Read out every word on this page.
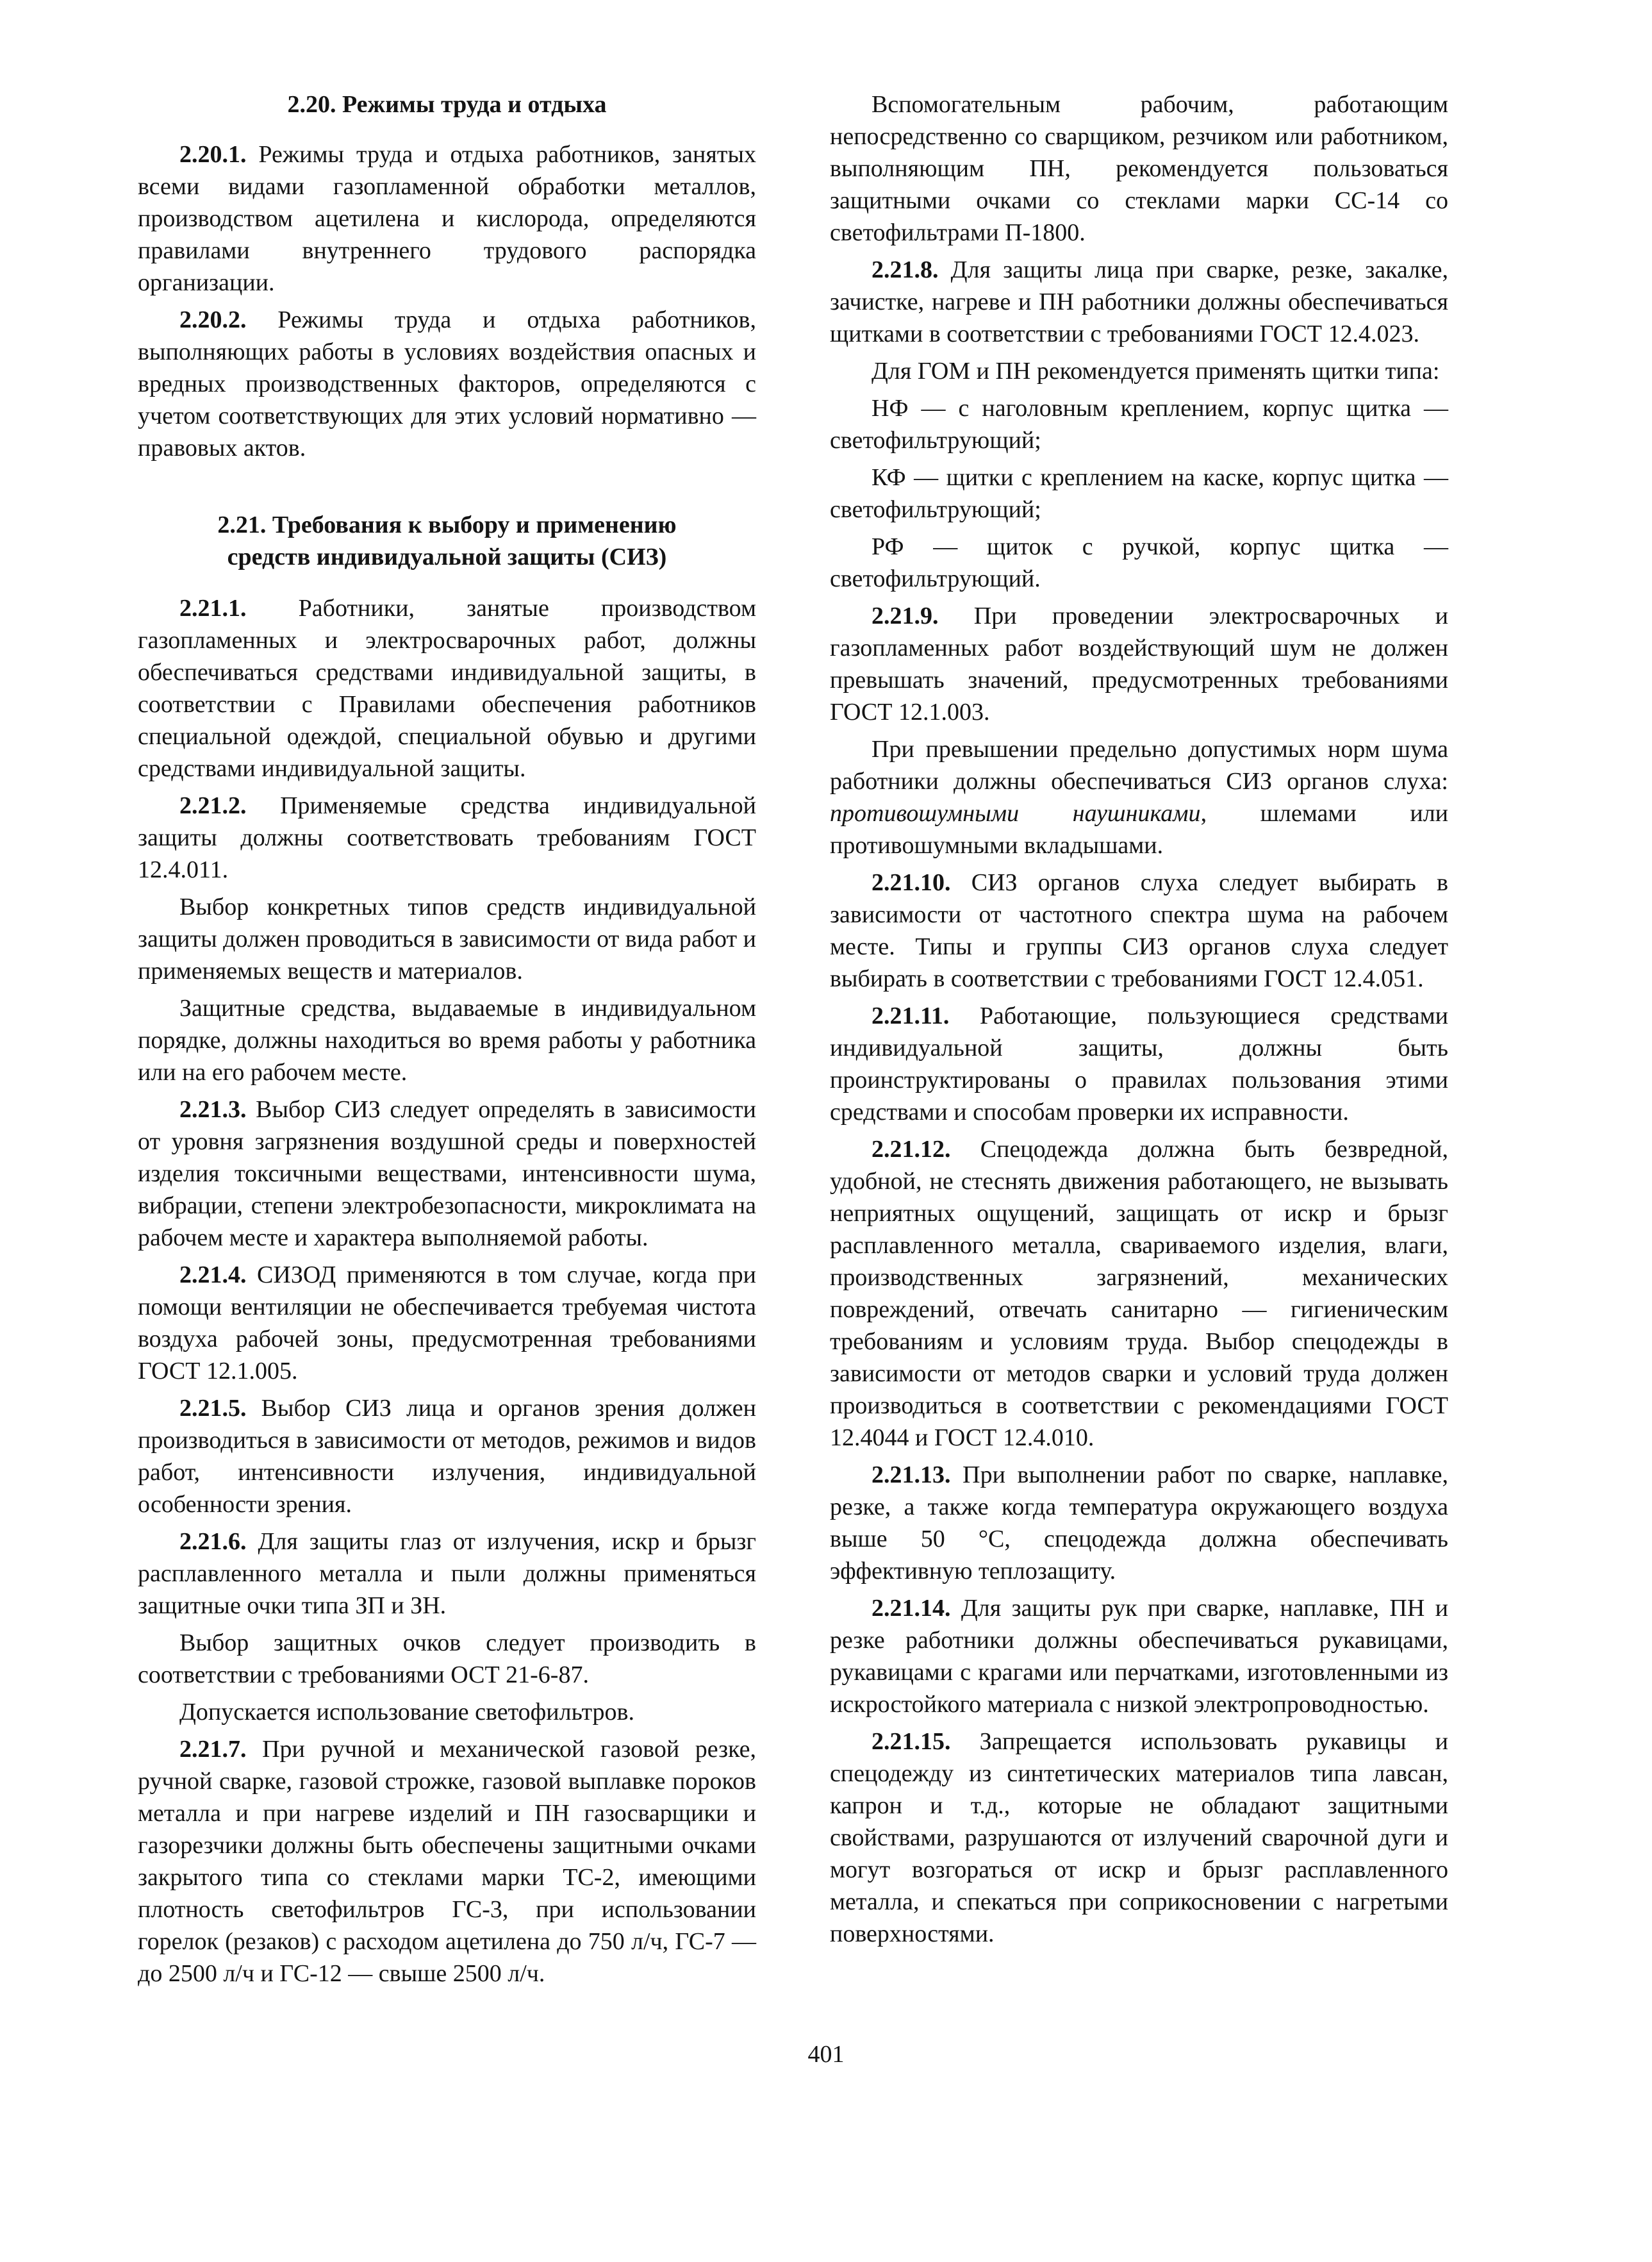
2.20. Режимы труда и отдыха

2.20.1. Режимы труда и отдыха работников, занятых всеми видами газопламенной обработки металлов, производством ацетилена и кислорода, определяются правилами внутреннего трудового распорядка организации.

2.20.2. Режимы труда и отдыха работников, выполняющих работы в условиях воздействия опасных и вредных производственных факторов, определяются с учетом соответствующих для этих условий нормативно — правовых актов.

2.21. Требования к выбору и применению
средств индивидуальной защиты (СИЗ)

2.21.1. Работники, занятые производством газопламенных и электросварочных работ, должны обеспечиваться средствами индивидуальной защиты, в соответствии с Правилами обеспечения работников специальной одеждой, специальной обувью и другими средствами индивидуальной защиты.

2.21.2. Применяемые средства индивидуальной защиты должны соответствовать требованиям ГОСТ 12.4.011.

Выбор конкретных типов средств индивидуальной защиты должен проводиться в зависимости от вида работ и применяемых веществ и материалов.

Защитные средства, выдаваемые в индивидуальном порядке, должны находиться во время работы у работника или на его рабочем месте.

2.21.3. Выбор СИЗ следует определять в зависимости от уровня загрязнения воздушной среды и поверхностей изделия токсичными веществами, интенсивности шума, вибрации, степени электробезопасности, микроклимата на рабочем месте и характера выполняемой работы.

2.21.4. СИЗОД применяются в том случае, когда при помощи вентиляции не обеспечивается требуемая чистота воздуха рабочей зоны, предусмотренная требованиями ГОСТ 12.1.005.

2.21.5. Выбор СИЗ лица и органов зрения должен производиться в зависимости от методов, режимов и видов работ, интенсивности излучения, индивидуальной особенности зрения.

2.21.6. Для защиты глаз от излучения, искр и брызг расплавленного металла и пыли должны применяться защитные очки типа ЗП и ЗН.

Выбор защитных очков следует производить в соответствии с требованиями ОСТ 21-6-87.

Допускается использование светофильтров.

2.21.7. При ручной и механической газовой резке, ручной сварке, газовой строжке, газовой выплавке пороков металла и при нагреве изделий и ПН газосварщики и газорезчики должны быть обеспечены защитными очками закрытого типа со стеклами марки ТС-2, имеющими плотность светофильтров ГС-3, при использовании горелок (резаков) с расходом ацетилена до 750 л/ч, ГС-7 — до 2500 л/ч и ГС-12 — свыше 2500 л/ч.

Вспомогательным рабочим, работающим непосредственно со сварщиком, резчиком или работником, выполняющим ПН, рекомендуется пользоваться защитными очками со стеклами марки СС-14 со светофильтрами П-1800.

2.21.8. Для защиты лица при сварке, резке, закалке, зачистке, нагреве и ПН работники должны обеспечиваться щитками в соответствии с требованиями ГОСТ 12.4.023.

Для ГОМ и ПН рекомендуется применять щитки типа:

НФ — с наголовным креплением, корпус щитка — светофильтрующий;

КФ — щитки с креплением на каске, корпус щитка — светофильтрующий;

РФ — щиток с ручкой, корпус щитка — светофильтрующий.

2.21.9. При проведении электросварочных и газопламенных работ воздействующий шум не должен превышать значений, предусмотренных требованиями ГОСТ 12.1.003.

При превышении предельно допустимых норм шума работники должны обеспечиваться СИЗ органов слуха: противошумными наушниками, шлемами или противошумными вкладышами.

2.21.10. СИЗ органов слуха следует выбирать в зависимости от частотного спектра шума на рабочем месте. Типы и группы СИЗ органов слуха следует выбирать в соответствии с требованиями ГОСТ 12.4.051.

2.21.11. Работающие, пользующиеся средствами индивидуальной защиты, должны быть проинструктированы о правилах пользования этими средствами и способам проверки их исправности.

2.21.12. Спецодежда должна быть безвредной, удобной, не стеснять движения работающего, не вызывать неприятных ощущений, защищать от искр и брызг расплавленного металла, свариваемого изделия, влаги, производственных загрязнений, механических повреждений, отвечать санитарно — гигиеническим требованиям и условиям труда. Выбор спецодежды в зависимости от методов сварки и условий труда должен производиться в соответствии с рекомендациями ГОСТ 12.4044 и ГОСТ 12.4.010.

2.21.13. При выполнении работ по сварке, наплавке, резке, а также когда температура окружающего воздуха выше 50 °С, спецодежда должна обеспечивать эффективную теплозащиту.

2.21.14. Для защиты рук при сварке, наплавке, ПН и резке работники должны обеспечиваться рукавицами, рукавицами с крагами или перчатками, изготовленными из искростойкого материала с низкой электропроводностью.

2.21.15. Запрещается использовать рукавицы и спецодежду из синтетических материалов типа лавсан, капрон и т.д., которые не обладают защитными свойствами, разрушаются от излучений сварочной дуги и могут возгораться от искр и брызг расплавленного металла, и спекаться при соприкосновении с нагретыми поверхностями.

401
